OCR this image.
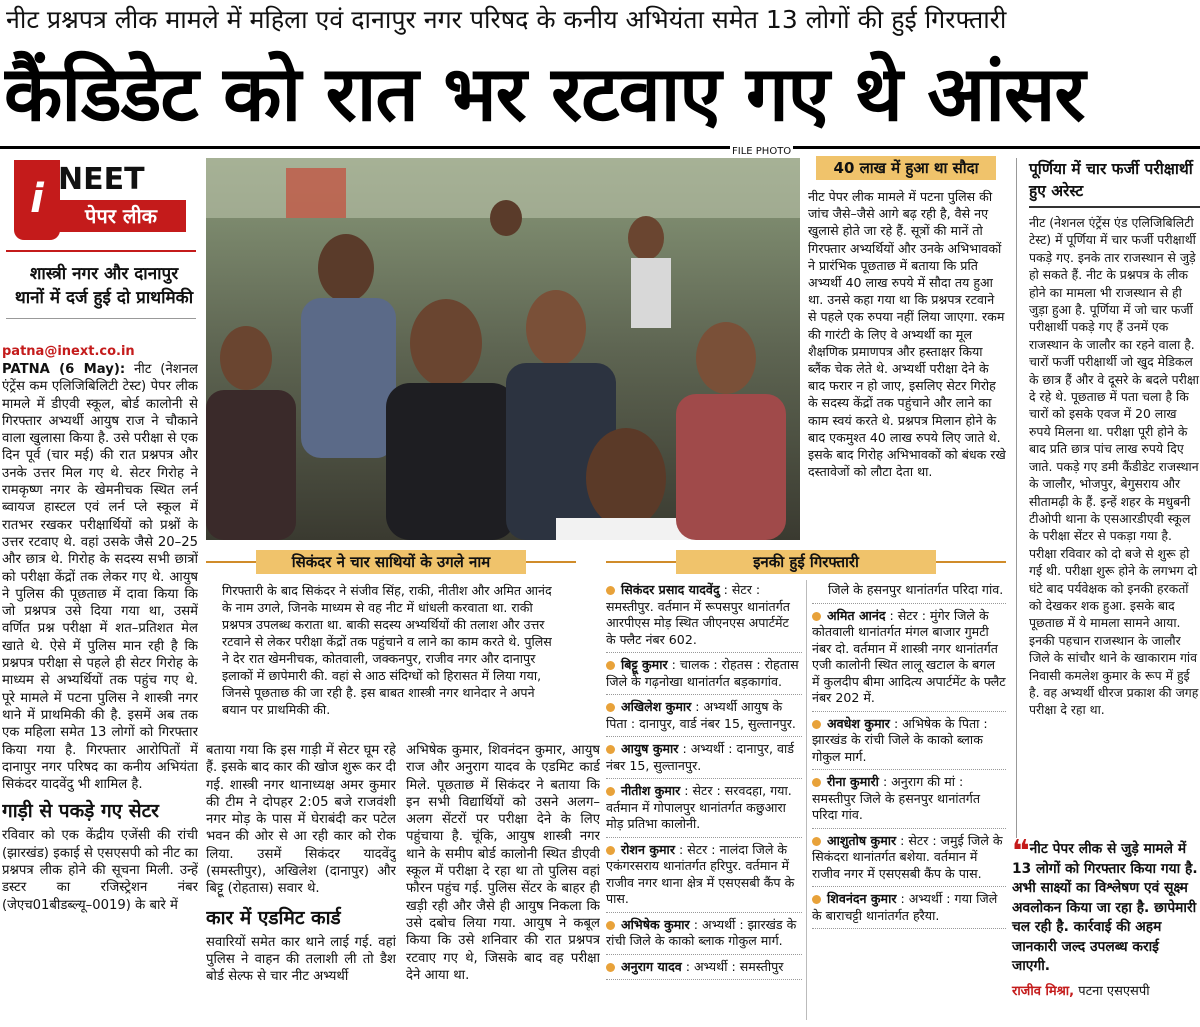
नीट प्रश्नपत्र लीक मामले में महिला एवं दानापुर नगर परिषद के कनीय अभियंता समेत 13 लोगों की हुई गिरफ्तारी
कैंडिडेट को रात भर रटवाए गए थे आंसर
i NEET
पेपर लीक
शास्त्री नगर और दानापुर थानों में दर्ज हुई दो प्राथमिकी
patna@inext.co.in

PATNA (6 May): नीट (नेशनल एंट्रेंस कम एलिजिबिलिटी टेस्ट) पेपर लीक मामले में डीएवी स्कूल, बोर्ड कालोनी से गिरफ्तार अभ्यर्थी आयुष राज ने चौकाने वाला खुलासा किया है. उसे परीक्षा से एक दिन पूर्व (चार मई) की रात प्रश्नपत्र और उनके उत्तर मिल गए थे. सेटर गिरोह ने रामकृष्ण नगर के खेमनीचक स्थित लर्न ब्वायज हास्टल एवं लर्न प्ले स्कूल में रातभर रखकर परीक्षार्थियों को प्रश्नों के उत्तर रटवाए थे. वहां उसके जैसे 20–25 और छात्र थे. गिरोह के सदस्य सभी छात्रों को परीक्षा केंद्रों तक लेकर गए थे. आयुष ने पुलिस की पूछताछ में दावा किया कि जो प्रश्नपत्र उसे दिया गया था, उसमें वर्णित प्रश्न परीक्षा में शत–प्रतिशत मेल खाते थे. ऐसे में पुलिस मान रही है कि प्रश्नपत्र परीक्षा से पहले ही सेटर गिरोह के माध्यम से अभ्यर्थियों तक पहुंच गए थे. पूरे मामले में पटना पुलिस ने शास्त्री नगर थाने में प्राथमिकी की है. इसमें अब तक एक महिला समेत 13 लोगों को गिरफ्तार किया गया है. गिरफ्तार आरोपितों में दानापुर नगर परिषद का कनीय अभियंता सिकंदर यादवेंदु भी शामिल है.

गाड़ी से पकड़े गए सेटर

रविवार को एक केंद्रीय एजेंसी की रांची (झारखंड) इकाई से एसएसपी को नीट का प्रश्नपत्र लीक होने की सूचना मिली. उन्हें डस्टर का रजिस्ट्रेशन नंबर (जेएच01बीडब्ल्यू–0019) के बारे में

FILE PHOTO
सिकंदर ने चार साथियों के उगले नाम
गिरफ्तारी के बाद सिकंदर ने संजीव सिंह, राकी, नीतीश और अमित आनंद के नाम उगले, जिनके माध्यम से वह नीट में धांधली करवाता था. राकी प्रश्नपत्र उपलब्ध कराता था. बाकी सदस्य अभ्यर्थियों की तलाश और उत्तर रटवाने से लेकर परीक्षा केंद्रों तक पहुंचाने व लाने का काम करते थे. पुलिस ने देर रात खेमनीचक, कोतवाली, जक्कनपुर, राजीव नगर और दानापुर इलाकों में छापेमारी की. वहां से आठ संदिग्धों को हिरासत में लिया गया, जिनसे पूछताछ की जा रही है. इस बाबत शास्त्री नगर थानेदार ने अपने बयान पर प्राथमिकी की.

बताया गया कि इस गाड़ी में सेटर घूम रहे हैं. इसके बाद कार की खोज शुरू कर दी गई. शास्त्री नगर थानाध्यक्ष अमर कुमार की टीम ने दोपहर 2:05 बजे राजवंशी नगर मोड़ के पास में घेराबंदी कर पटेल भवन की ओर से आ रही कार को रोक लिया. उसमें सिकंदर यादवेंदु (समस्तीपुर), अखिलेश (दानापुर) और बिट्टू (रोहतास) सवार थे.

कार में एडमिट कार्ड

सवारियों समेत कार थाने लाई गई. वहां पुलिस ने वाहन की तलाशी ली तो डैश बोर्ड सेल्फ से चार नीट अभ्यर्थी

अभिषेक कुमार, शिवनंदन कुमार, आयुष राज और अनुराग यादव के एडमिट कार्ड मिले. पूछताछ में सिकंदर ने बताया कि इन सभी विद्यार्थियों को उसने अलग–अलग सेंटरों पर परीक्षा देने के लिए पहुंचाया है. चूंकि, आयुष शास्त्री नगर थाने के समीप बोर्ड कालोनी स्थित डीएवी स्कूल में परीक्षा दे रहा था तो पुलिस वहां फौरन पहुंच गई. पुलिस सेंटर के बाहर ही खड़ी रही और जैसे ही आयुष निकला कि उसे दबोच लिया गया. आयुष ने कबूल किया कि उसे शनिवार की रात प्रश्नपत्र रटवाए गए थे, जिसके बाद वह परीक्षा देने आया था.
40 लाख में हुआ था सौदा
नीट पेपर लीक मामले में पटना पुलिस की जांच जैसे–जैसे आगे बढ़ रही है, वैसे नए खुलासे होते जा रहे हैं. सूत्रों की मानें तो गिरफ्तार अभ्यर्थियों और उनके अभिभावकों ने प्रारंभिक पूछताछ में बताया कि प्रति अभ्यर्थी 40 लाख रुपये में सौदा तय हुआ था. उनसे कहा गया था कि प्रश्नपत्र रटवाने से पहले एक रुपया नहीं लिया जाएगा. रकम की गारंटी के लिए वे अभ्यर्थी का मूल शैक्षणिक प्रमाणपत्र और हस्ताक्षर किया ब्लैंक चेक लेते थे. अभ्यर्थी परीक्षा देने के बाद फरार न हो जाए, इसलिए सेटर गिरोह के सदस्य केंद्रों तक पहुंचाने और लाने का काम स्वयं करते थे. प्रश्नपत्र मिलान होने के बाद एकमुश्त 40 लाख रुपये लिए जाते थे. इसके बाद गिरोह अभिभावकों को बंधक रखे दस्तावेजों को लौटा देता था.
इनकी हुई गिरफ्तारी
सिकंदर प्रसाद यादवेंदु : सेटर : समस्तीपुर. वर्तमान में रूपसपुर थानांतर्गत आरपीएस मोड़ स्थित जीएनएस अपार्टमेंट के फ्लैट नंबर 602.
बिट्टू कुमार : चालक : रोहतस : रोहतास जिले के गढ़नोखा थानांतर्गत बड़कागांव.
अखिलेश कुमार : अभ्यर्थी आयुष के पिता : दानापुर, वार्ड नंबर 15, सुल्तानपुर.
आयुष कुमार : अभ्यर्थी : दानापुर, वार्ड नंबर 15, सुल्तानपुर.
नीतीश कुमार : सेटर : सरवदहा, गया. वर्तमान में गोपालपुर थानांतर्गत कछुआरा मोड़ प्रतिभा कालोनी.
रोशन कुमार : सेटर : नालंदा जिले के एकंगरसराय थानांतर्गत हरिपुर. वर्तमान में राजीव नगर थाना क्षेत्र में एसएसबी कैंप के पास.
अभिषेक कुमार : अभ्यर्थी : झारखंड के रांची जिले के काको ब्लाक गोकुल मार्ग.
अनुराग यादव : अभ्यर्थी : समस्तीपुर
जिले के हसनपुर थानांतर्गत परिदा गांव.
अमित आनंद : सेटर : मुंगेर जिले के कोतवाली थानांतर्गत मंगल बाजार गुमटी नंबर दो. वर्तमान में शास्त्री नगर थानांतर्गत एजी कालोनी स्थित लालू खटाल के बगल में कुलदीप बीमा आदित्य अपार्टमेंट के फ्लैट नंबर 202 में.
अवधेश कुमार : अभिषेक के पिता : झारखंड के रांची जिले के काको ब्लाक गोकुल मार्ग.
रीना कुमारी : अनुराग की मां : समस्तीपुर जिले के हसनपुर थानांतर्गत परिदा गांव.
आशुतोष कुमार : सेटर : जमुई जिले के सिकंदरा थानांतर्गत बशेया. वर्तमान में राजीव नगर में एसएसबी कैंप के पास.
शिवनंदन कुमार : अभ्यर्थी : गया जिले के बाराचट्टी थानांतर्गत हरैया.
पूर्णिया में चार फर्जी परीक्षार्थी हुए अरेस्ट
नीट (नेशनल एंट्रेंस एंड एलिजिबिलिटी टेस्ट) में पूर्णिया में चार फर्जी परीक्षार्थी पकड़े गए. इनके तार राजस्थान से जुड़े हो सकते हैं. नीट के प्रश्नपत्र के लीक होने का मामला भी राजस्थान से ही जुड़ा हुआ है. पूर्णिया में जो चार फर्जी परीक्षार्थी पकड़े गए हैं उनमें एक राजस्थान के जालौर का रहने वाला है. चारों फर्जी परीक्षार्थी जो खुद मेडिकल के छात्र हैं और वे दूसरे के बदले परीक्षा दे रहे थे. पूछताछ में पता चला है कि चारों को इसके एवज में 20 लाख रुपये मिलना था. परीक्षा पूरी होने के बाद प्रति छात्र पांच लाख रुपये दिए जाते. पकड़े गए डमी कैंडीडेट राजस्थान के जालौर, भोजपुर, बेगुसराय और सीतामढ़ी के हैं. इन्हें शहर के मधुबनी टीओपी थाना के एसआरडीएवी स्कूल के परीक्षा सेंटर से पकड़ा गया है. परीक्षा रविवार को दो बजे से शुरू हो गई थी. परीक्षा शुरू होने के लगभग दो घंटे बाद पर्यवेक्षक को इनकी हरकतों को देखकर शक हुआ. इसके बाद पूछताछ में ये मामला सामने आया. इनकी पहचान राजस्थान के जालौर जिले के सांचौर थाने के खाकाराम गांव निवासी कमलेश कुमार के रूप में हुई है. वह अभ्यर्थी धीरज प्रकाश की जगह परीक्षा दे रहा था.
❝नीट पेपर लीक से जुड़े मामले में 13 लोगों को गिरफ्तार किया गया है. अभी साक्ष्यों का विश्लेषण एवं सूक्ष्म अवलोकन किया जा रहा है. छापेमारी चल रही है. कार्रवाई की अहम जानकारी जल्द उपलब्ध कराई जाएगी.
राजीव मिश्रा, पटना एसएसपी
